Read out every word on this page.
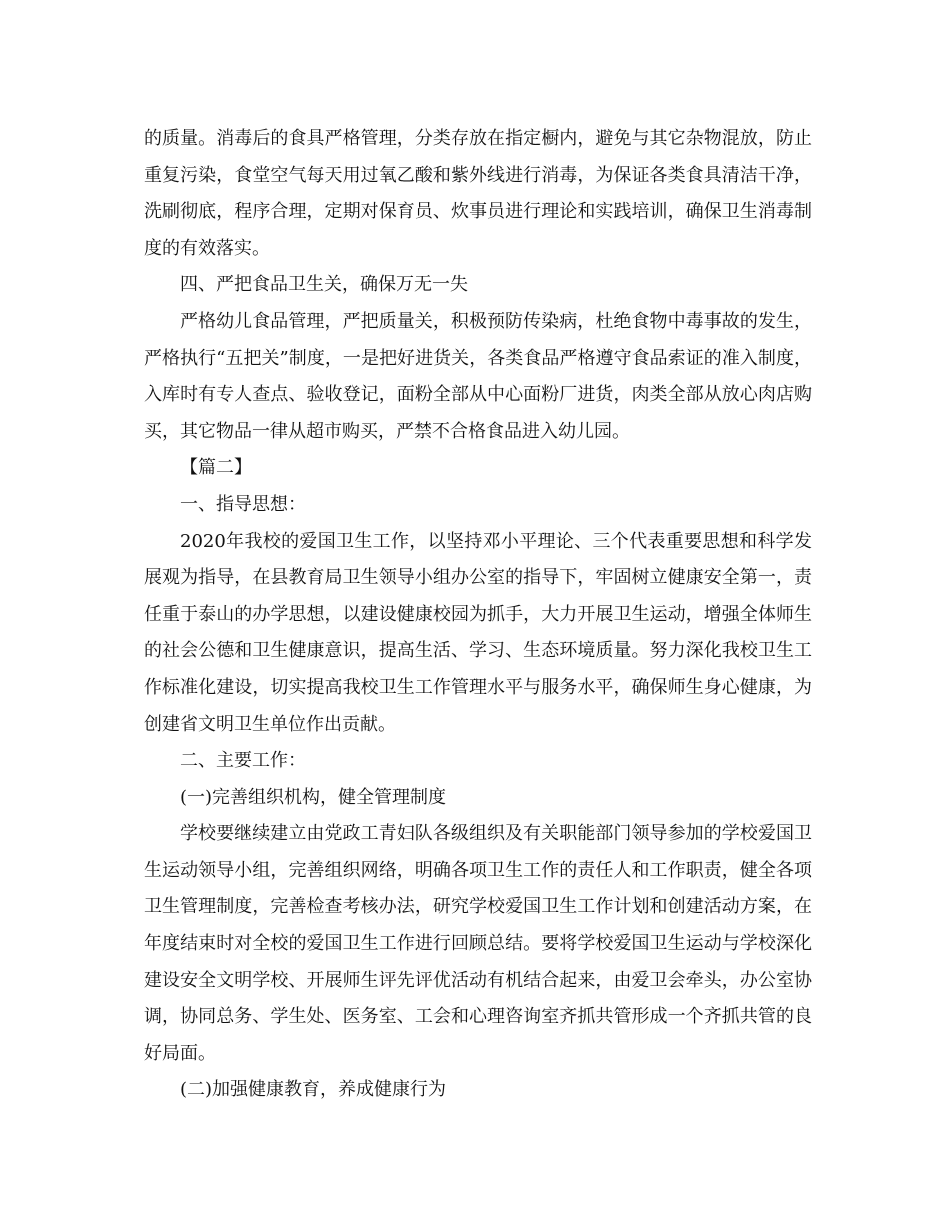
的质量。消毒后的食具严格管理，分类存放在指定橱内，避免与其它杂物混放，防止重复污染，食堂空气每天用过氧乙酸和紫外线进行消毒，为保证各类食具清洁干净，洗刷彻底，程序合理，定期对保育员、炊事员进行理论和实践培训，确保卫生消毒制度的有效落实。

四、严把食品卫生关，确保万无一失

严格幼儿食品管理，严把质量关，积极预防传染病，杜绝食物中毒事故的发生，严格执行“五把关”制度，一是把好进货关，各类食品严格遵守食品索证的准入制度，入库时有专人查点、验收登记，面粉全部从中心面粉厂进货，肉类全部从放心肉店购买，其它物品一律从超市购买，严禁不合格食品进入幼儿园。

【篇二】

一、指导思想：

2020年我校的爱国卫生工作，以坚持邓小平理论、三个代表重要思想和科学发展观为指导，在县教育局卫生领导小组办公室的指导下，牢固树立健康安全第一，责任重于泰山的办学思想，以建设健康校园为抓手，大力开展卫生运动，增强全体师生的社会公德和卫生健康意识，提高生活、学习、生态环境质量。努力深化我校卫生工作标准化建设，切实提高我校卫生工作管理水平与服务水平，确保师生身心健康，为创建省文明卫生单位作出贡献。

二、主要工作：

(一)完善组织机构，健全管理制度

学校要继续建立由党政工青妇队各级组织及有关职能部门领导参加的学校爱国卫生运动领导小组，完善组织网络，明确各项卫生工作的责任人和工作职责，健全各项卫生管理制度，完善检查考核办法，研究学校爱国卫生工作计划和创建活动方案，在年度结束时对全校的爱国卫生工作进行回顾总结。要将学校爱国卫生运动与学校深化建设安全文明学校、开展师生评先评优活动有机结合起来，由爱卫会牵头，办公室协调，协同总务、学生处、医务室、工会和心理咨询室齐抓共管形成一个齐抓共管的良好局面。

(二)加强健康教育，养成健康行为
